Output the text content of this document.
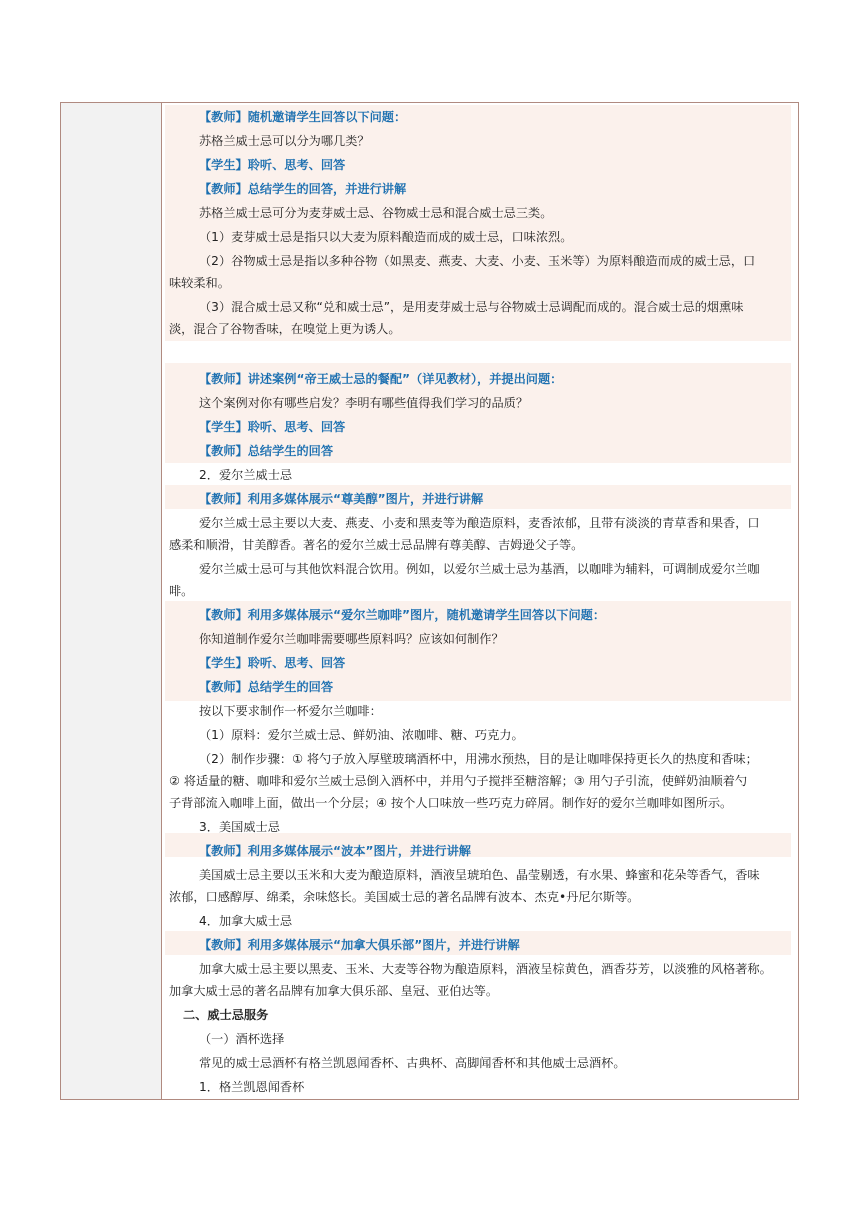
【教师】随机邀请学生回答以下问题：
苏格兰威士忌可以分为哪几类？
【学生】聆听、思考、回答
【教师】总结学生的回答，并进行讲解
苏格兰威士忌可分为麦芽威士忌、谷物威士忌和混合威士忌三类。
（1）麦芽威士忌是指只以大麦为原料酿造而成的威士忌，口味浓烈。
（2）谷物威士忌是指以多种谷物（如黑麦、燕麦、大麦、小麦、玉米等）为原料酿造而成的威士忌，口
味较柔和。
（3）混合威士忌又称“兑和威士忌”，是用麦芽威士忌与谷物威士忌调配而成的。混合威士忌的烟熏味
淡，混合了谷物香味，在嗅觉上更为诱人。
【教师】讲述案例“帝王威士忌的餐配”（详见教材），并提出问题：
这个案例对你有哪些启发？李明有哪些值得我们学习的品质？
【学生】聆听、思考、回答
【教师】总结学生的回答
2．爱尔兰威士忌
【教师】利用多媒体展示“尊美醇”图片，并进行讲解
爱尔兰威士忌主要以大麦、燕麦、小麦和黑麦等为酿造原料，麦香浓郁，且带有淡淡的青草香和果香，口
感柔和顺滑，甘美醇香。著名的爱尔兰威士忌品牌有尊美醇、吉姆逊父子等。
爱尔兰威士忌可与其他饮料混合饮用。例如，以爱尔兰威士忌为基酒，以咖啡为辅料，可调制成爱尔兰咖
啡。
【教师】利用多媒体展示“爱尔兰咖啡”图片，随机邀请学生回答以下问题：
你知道制作爱尔兰咖啡需要哪些原料吗？应该如何制作？
【学生】聆听、思考、回答
【教师】总结学生的回答
按以下要求制作一杯爱尔兰咖啡：
（1）原料：爱尔兰威士忌、鲜奶油、浓咖啡、糖、巧克力。
（2）制作步骤：① 将勺子放入厚壁玻璃酒杯中，用沸水预热，目的是让咖啡保持更长久的热度和香味；
② 将适量的糖、咖啡和爱尔兰威士忌倒入酒杯中，并用勺子搅拌至糖溶解；③ 用勺子引流，使鲜奶油顺着勺
子背部流入咖啡上面，做出一个分层；④ 按个人口味放一些巧克力碎屑。制作好的爱尔兰咖啡如图所示。
3．美国威士忌
【教师】利用多媒体展示“波本”图片，并进行讲解
美国威士忌主要以玉米和大麦为酿造原料，酒液呈琥珀色、晶莹剔透，有水果、蜂蜜和花朵等香气，香味
浓郁，口感醇厚、绵柔，余味悠长。美国威士忌的著名品牌有波本、杰克•丹尼尔斯等。
4．加拿大威士忌
【教师】利用多媒体展示“加拿大俱乐部”图片，并进行讲解
加拿大威士忌主要以黑麦、玉米、大麦等谷物为酿造原料，酒液呈棕黄色，酒香芬芳，以淡雅的风格著称。
加拿大威士忌的著名品牌有加拿大俱乐部、皇冠、亚伯达等。
二、威士忌服务
（一）酒杯选择
常见的威士忌酒杯有格兰凯恩闻香杯、古典杯、高脚闻香杯和其他威士忌酒杯。
1．格兰凯恩闻香杯
